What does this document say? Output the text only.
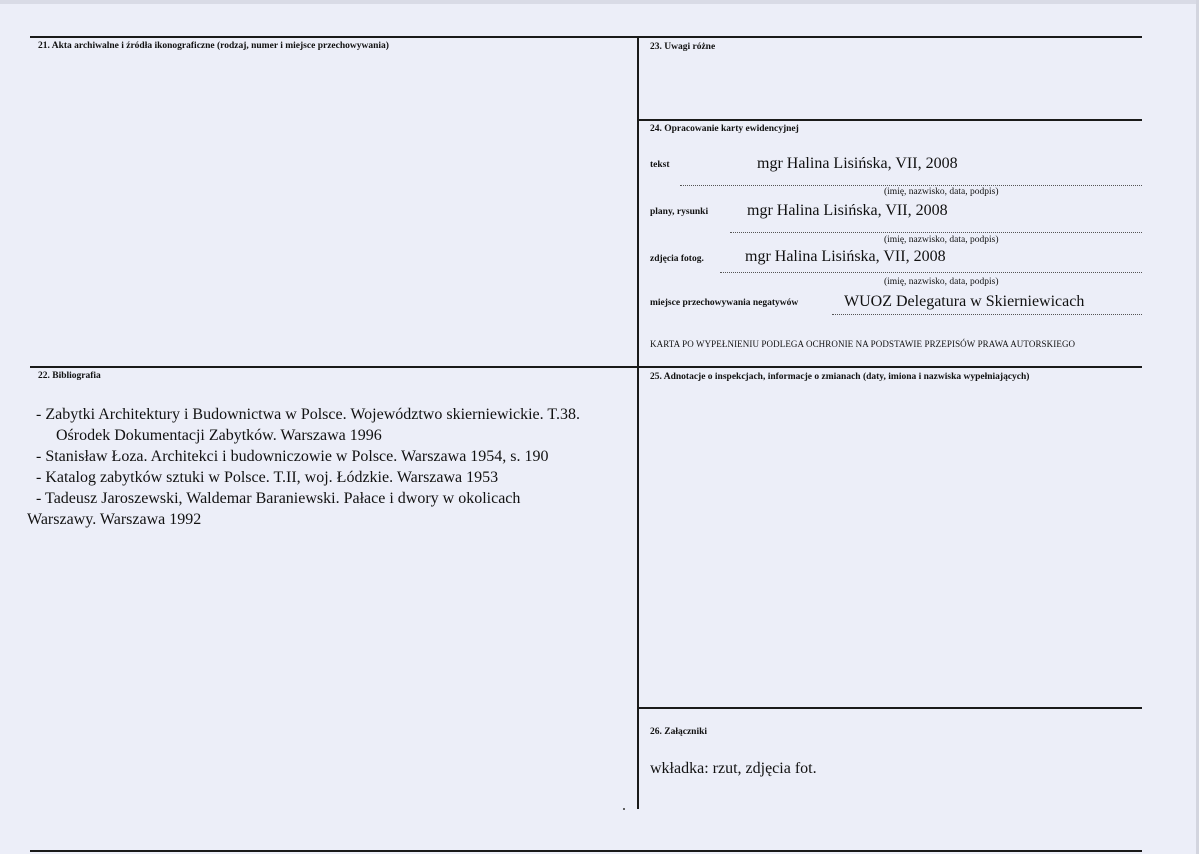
21. Akta archiwalne i źródła ikonograficzne (rodzaj, numer i miejsce przechowywania)	23. Uwagi różne
24. Opracowanie karty ewidencyjnej
tekst	mgr Halina Lisińska, VII, 2008
(imię, nazwisko, data, podpis)
plany, rysunki mgr Halina Lisińska, VII, 2008
(imię, nazwisko, data, podpis)
zdjęcia fotog.	mgr Halina Lisińska, VII, 2008
(imię, nazwisko, data, podpis)
miejsce przechowywania negatywów	WUOZ Delegatura w Skierniewicach
KARTA PO WYPEŁNIENIU PODLEGA OCHRONIE NA PODSTAWIE PRZEPISÓW PRAWA AUTORSKIEGO
22. Bibliografia
- Zabytki Architektury i Budownictwa w Polsce. Województwo skierniewickie. T.38.
Ośrodek Dokumentacji Zabytków. Warszawa 1996
- Stanisław Łoza. Architekci i budowniczowie w Polsce. Warszawa 1954, s. 190
- Katalog zabytków sztuki w Polsce. T.II, woj. Łódzkie. Warszawa 1953
- Tadeusz Jaroszewski, Waldemar Baraniewski. Pałace i dwory w okolicach
Warszawy. Warszawa 1992
25. Adnotacje o inspekcjach, informacje o zmianach (daty, imiona i nazwiska wypełniających)
26. Załączniki
wkładka: rzut, zdjęcia fot.
